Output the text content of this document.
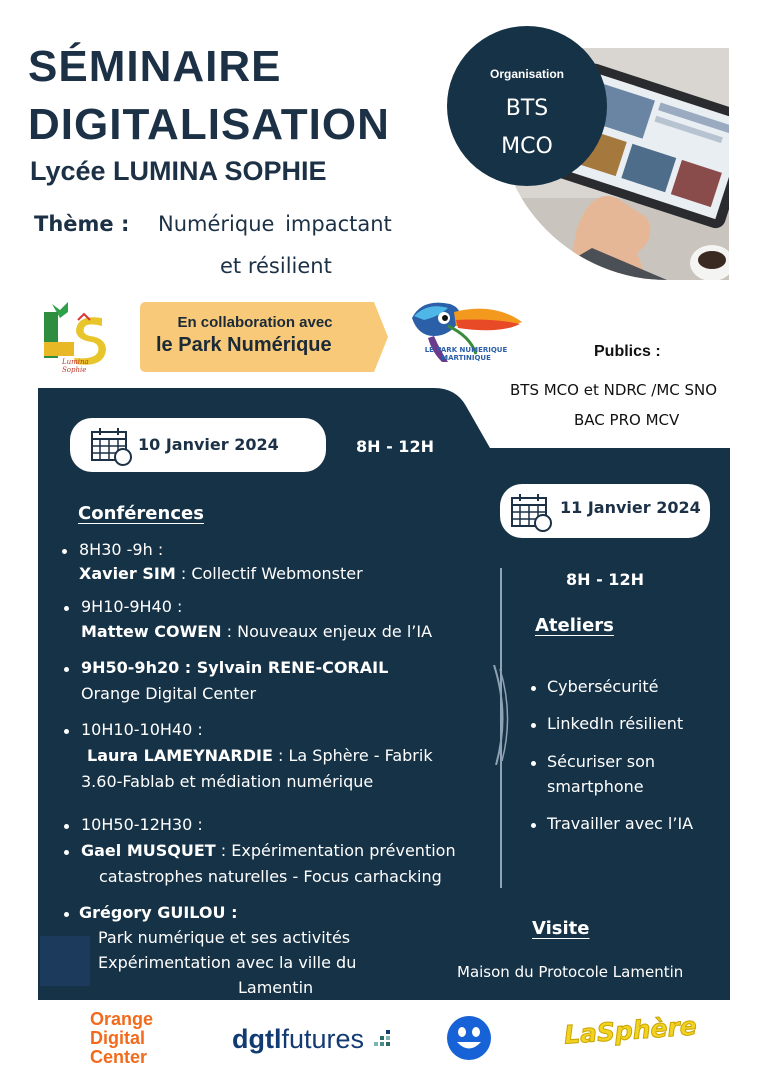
SÉMINAIRE
DIGITALISATION
Lycée LUMINA SOPHIE
Thème : Numérique impactant
et résilient
Organisation
BTS
MCO
Lumina Sophie
En collaboration avec
le Park Numérique	LE PARK NUMERIQUE MARTINIQUE	Publics :
BTS MCO et NDRC /MC SNO
BAC PRO MCV
10 Janvier 2024	8H - 12H
11 Janvier 2024
8H - 12H
Conférences
8H30 -9h :
Xavier SIM : Collectif Webmonster
9H10-9H40 :
Mattew COWEN : Nouveaux enjeux de l’IA
9H50-9h20 : Sylvain RENE-CORAIL
Orange Digital Center
10H10-10H40 :
Laura LAMEYNARDIE : La Sphère - Fabrik
3.60-Fablab et médiation numérique
10H50-12H30 :
Gael MUSQUET : Expérimentation prévention
catastrophes naturelles - Focus carhacking
Grégory GUILOU :
Park numérique et ses activités
Expérimentation avec la ville du
Lamentin
Ateliers
Cybersécurité
LinkedIn résilient
Sécuriser son
smartphone
Travailler avec l’IA
Visite
Maison du Protocole Lamentin
Orange
Digital
Center
dgtlfutures	LaSphère
